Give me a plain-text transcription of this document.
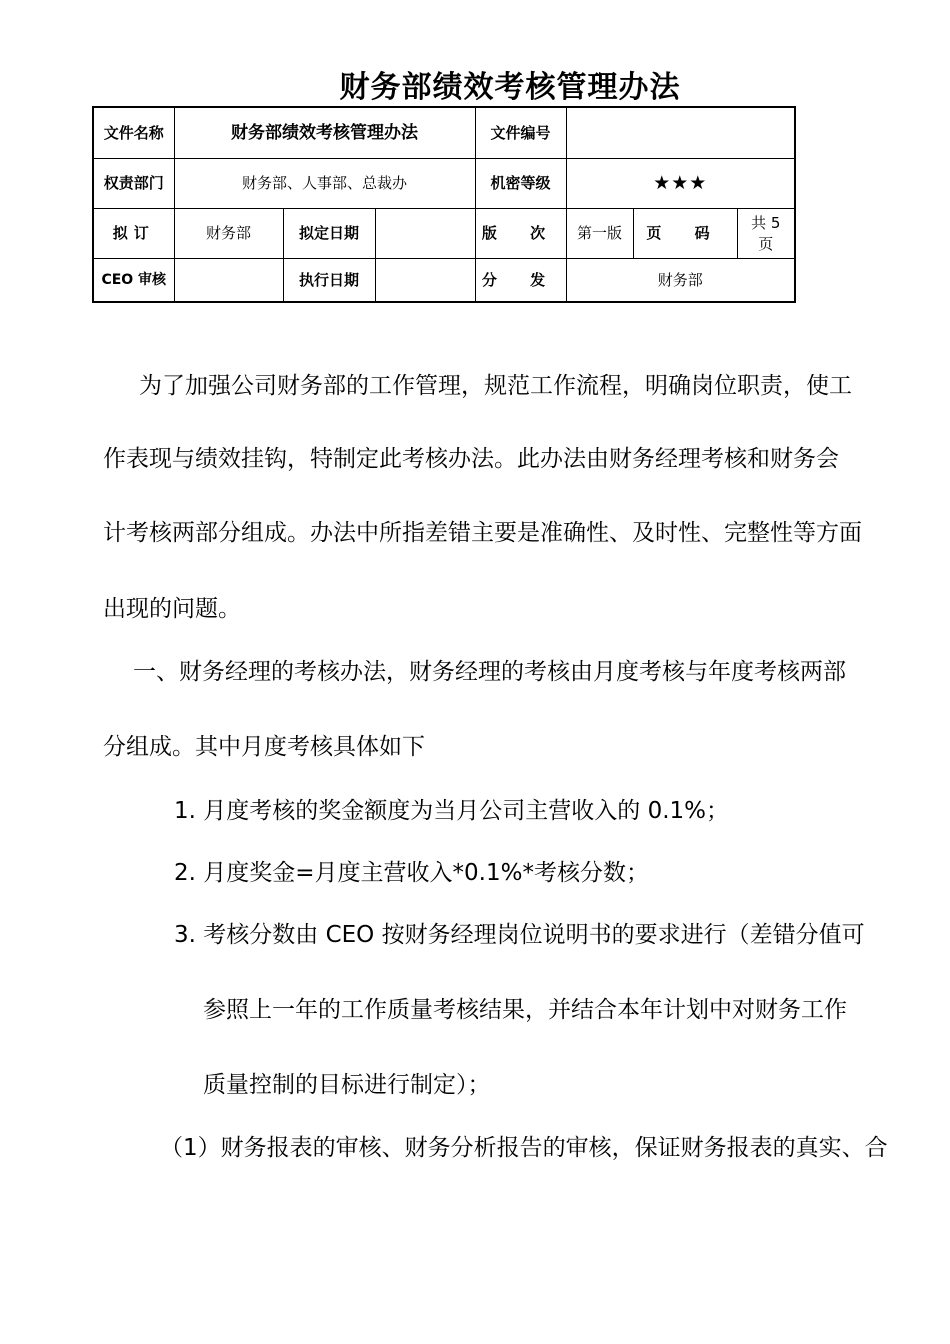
财务部绩效考核管理办法
文件名称	财务部绩效考核管理办法			文件编号			
权责部门	财务部、人事部、总裁办			机密等级	★★★		
拟订	财务部	拟定日期		版 次	第一版	页 码	共 5 页
CEO 审核		执行日期		分 发	财务部		
为了加强公司财务部的工作管理，规范工作流程，明确岗位职责，使工
作表现与绩效挂钩，特制定此考核办法。此办法由财务经理考核和财务会
计考核两部分组成。办法中所指差错主要是准确性、及时性、完整性等方面
出现的问题。
一、财务经理的考核办法，财务经理的考核由月度考核与年度考核两部
分组成。其中月度考核具体如下
1. 月度考核的奖金额度为当月公司主营收入的 0.1%；
2. 月度奖金=月度主营收入*0.1%*考核分数；
3. 考核分数由 CEO 按财务经理岗位说明书的要求进行（差错分值可
参照上一年的工作质量考核结果，并结合本年计划中对财务工作
质量控制的目标进行制定）；
（1）财务报表的审核、财务分析报告的审核，保证财务报表的真实、合
